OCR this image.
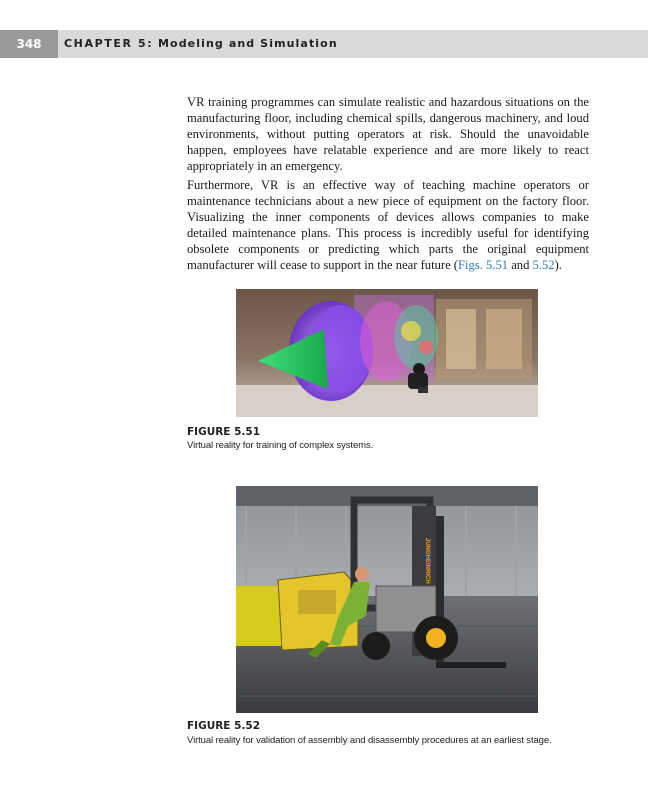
348	CHAPTER 5: Modeling and Simulation

VR training programmes can simulate realistic and hazardous situations on the manufacturing floor, including chemical spills, dangerous machinery, and loud environments, without putting operators at risk. Should the unavoidable happen, employees have relatable experience and are more likely to react appropriately in an emergency.

Furthermore, VR is an effective way of teaching machine operators or maintenance technicians about a new piece of equipment on the factory floor. Visualizing the inner components of devices allows companies to make detailed maintenance plans. This process is incredibly useful for identifying obsolete components or predicting which parts the original equipment manufacturer will cease to support in the near future (Figs. 5.51 and 5.52).

FIGURE 5.51
Virtual reality for training of complex systems.
JUNGHEINRICH
FIGURE 5.52
Virtual reality for validation of assembly and disassembly procedures at an earliest stage.
